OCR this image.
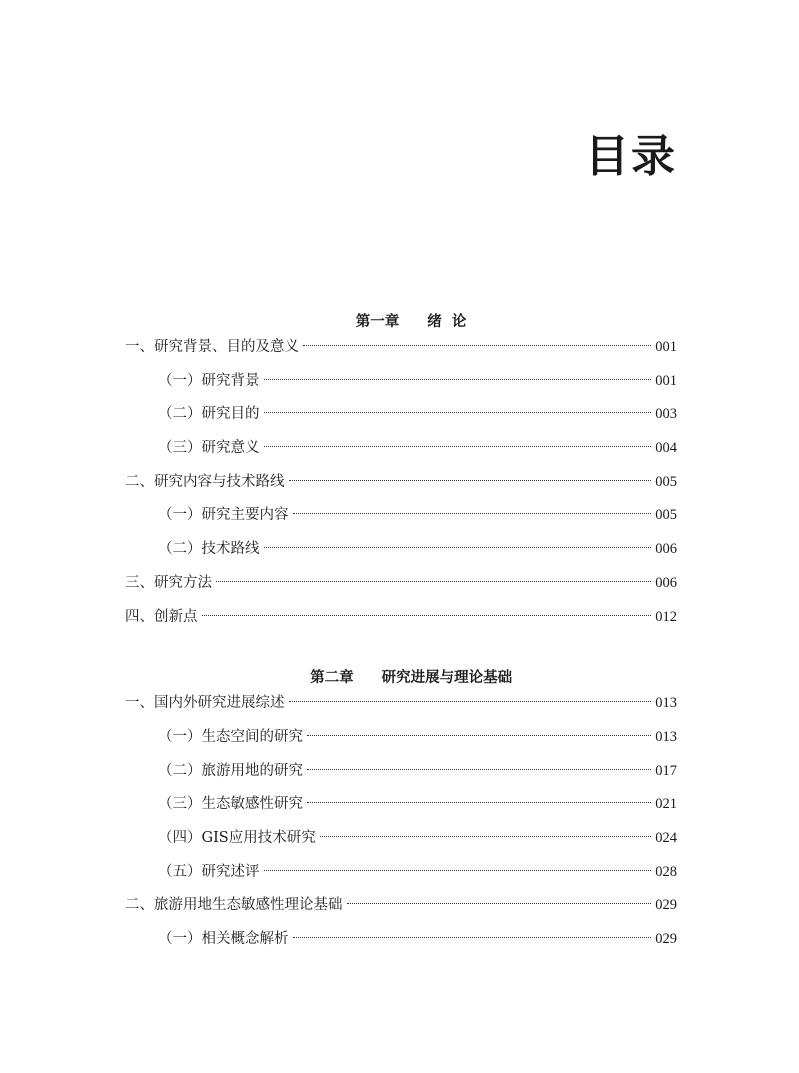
目录

第一章 绪  论

一、研究背景、目的及意义	001
（一）研究背景	001
（二）研究目的	003
（三）研究意义	004
二、研究内容与技术路线	005
（一）研究主要内容	005
（二）技术路线	006
三、研究方法	006
四、创新点	012

第二章 研究进展与理论基础

一、国内外研究进展综述	013
（一）生态空间的研究	013
（二）旅游用地的研究	017
（三）生态敏感性研究	021
（四）GIS应用技术研究	024
（五）研究述评	028
二、旅游用地生态敏感性理论基础	029
（一）相关概念解析	029
